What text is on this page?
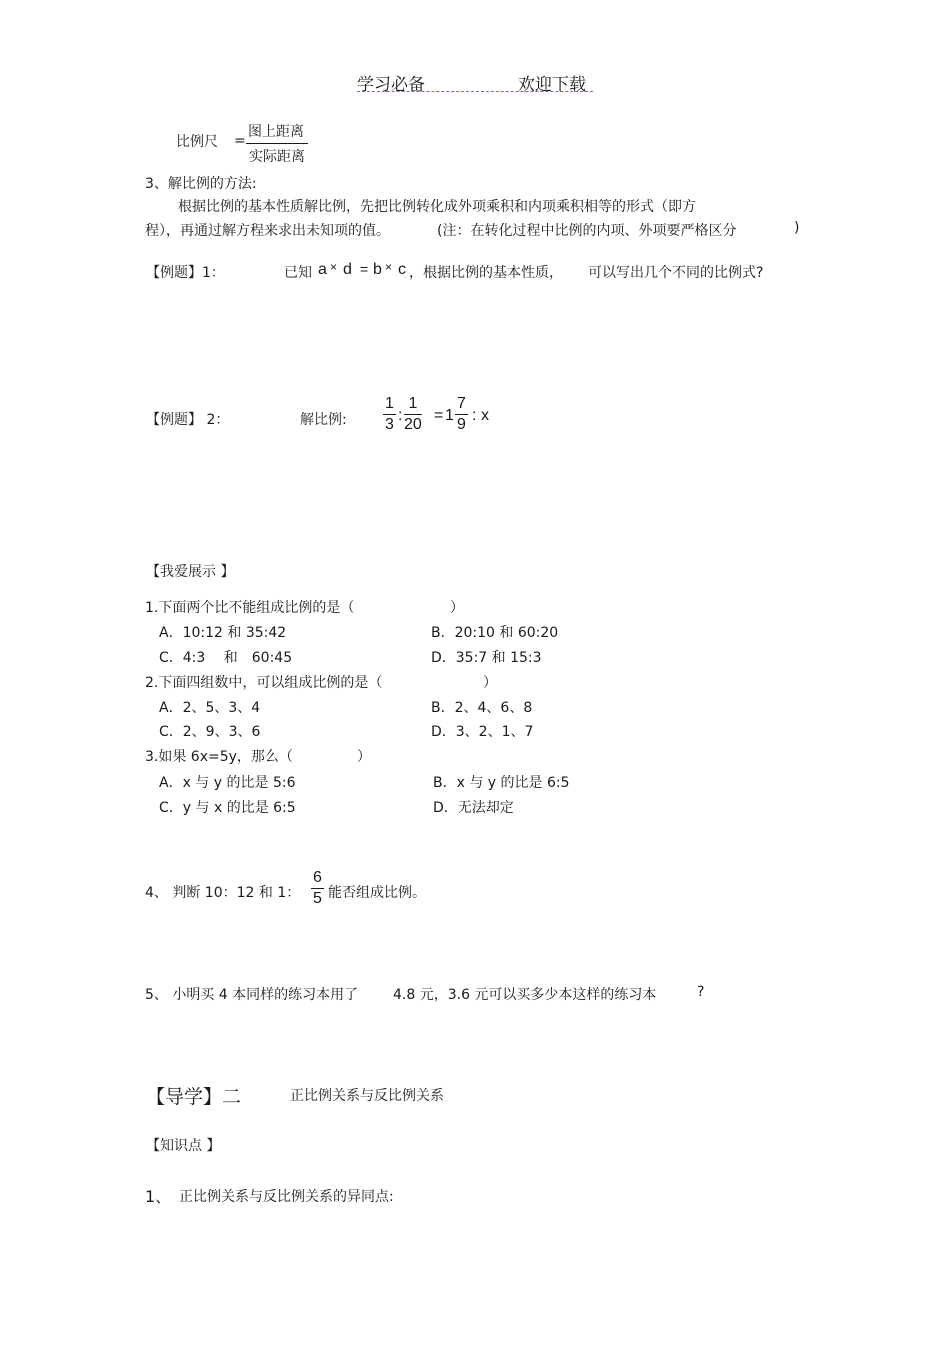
学习必备	欢迎下载
比例尺 =
图上距离
实际距离
3、解比例的方法:
根据比例的基本性质解比例，先把比例转化成外项乘积和内项乘积相等的形式（即方
程），再通过解方程来求出未知项的值。	(注：在转化过程中比例的内项、外项要严格区分	)
【例题】1：	已知 a × d = b × c ，根据比例的基本性质， 可以写出几个不同的比例式?
【例题】 2：	解比例: $\frac{1}{3}$ : $\frac{1}{20} = 1 \frac{7}{9}$ : x
【我爱展示 】
1.下面两个比不能组成比例的是（	）
A．10:12 和 35:42	B．20:10 和 60:20
C．4:3　 和　60:45	D．35:7 和 15:3
2.下面四组数中，可以组成比例的是（	）
A．2、5、3、4	B．2、4、6、8
C．2、9、3、6	D．3、2、1、7
3.如果 6x=5y，那么（	）
A．x 与 y 的比是 5:6	B．x 与 y 的比是 6:5
C．y 与 x 的比是 6:5	D．无法却定
4、 判断 10：12 和 1： $\frac{6}{5}$ 能否组成比例。
5、 小明买 4 本同样的练习本用了 4.8 元，3.6 元可以买多少本这样的练习本	?
【导学】二	正比例关系与反比例关系
【知识点 】
1、 正比例关系与反比例关系的异同点:
